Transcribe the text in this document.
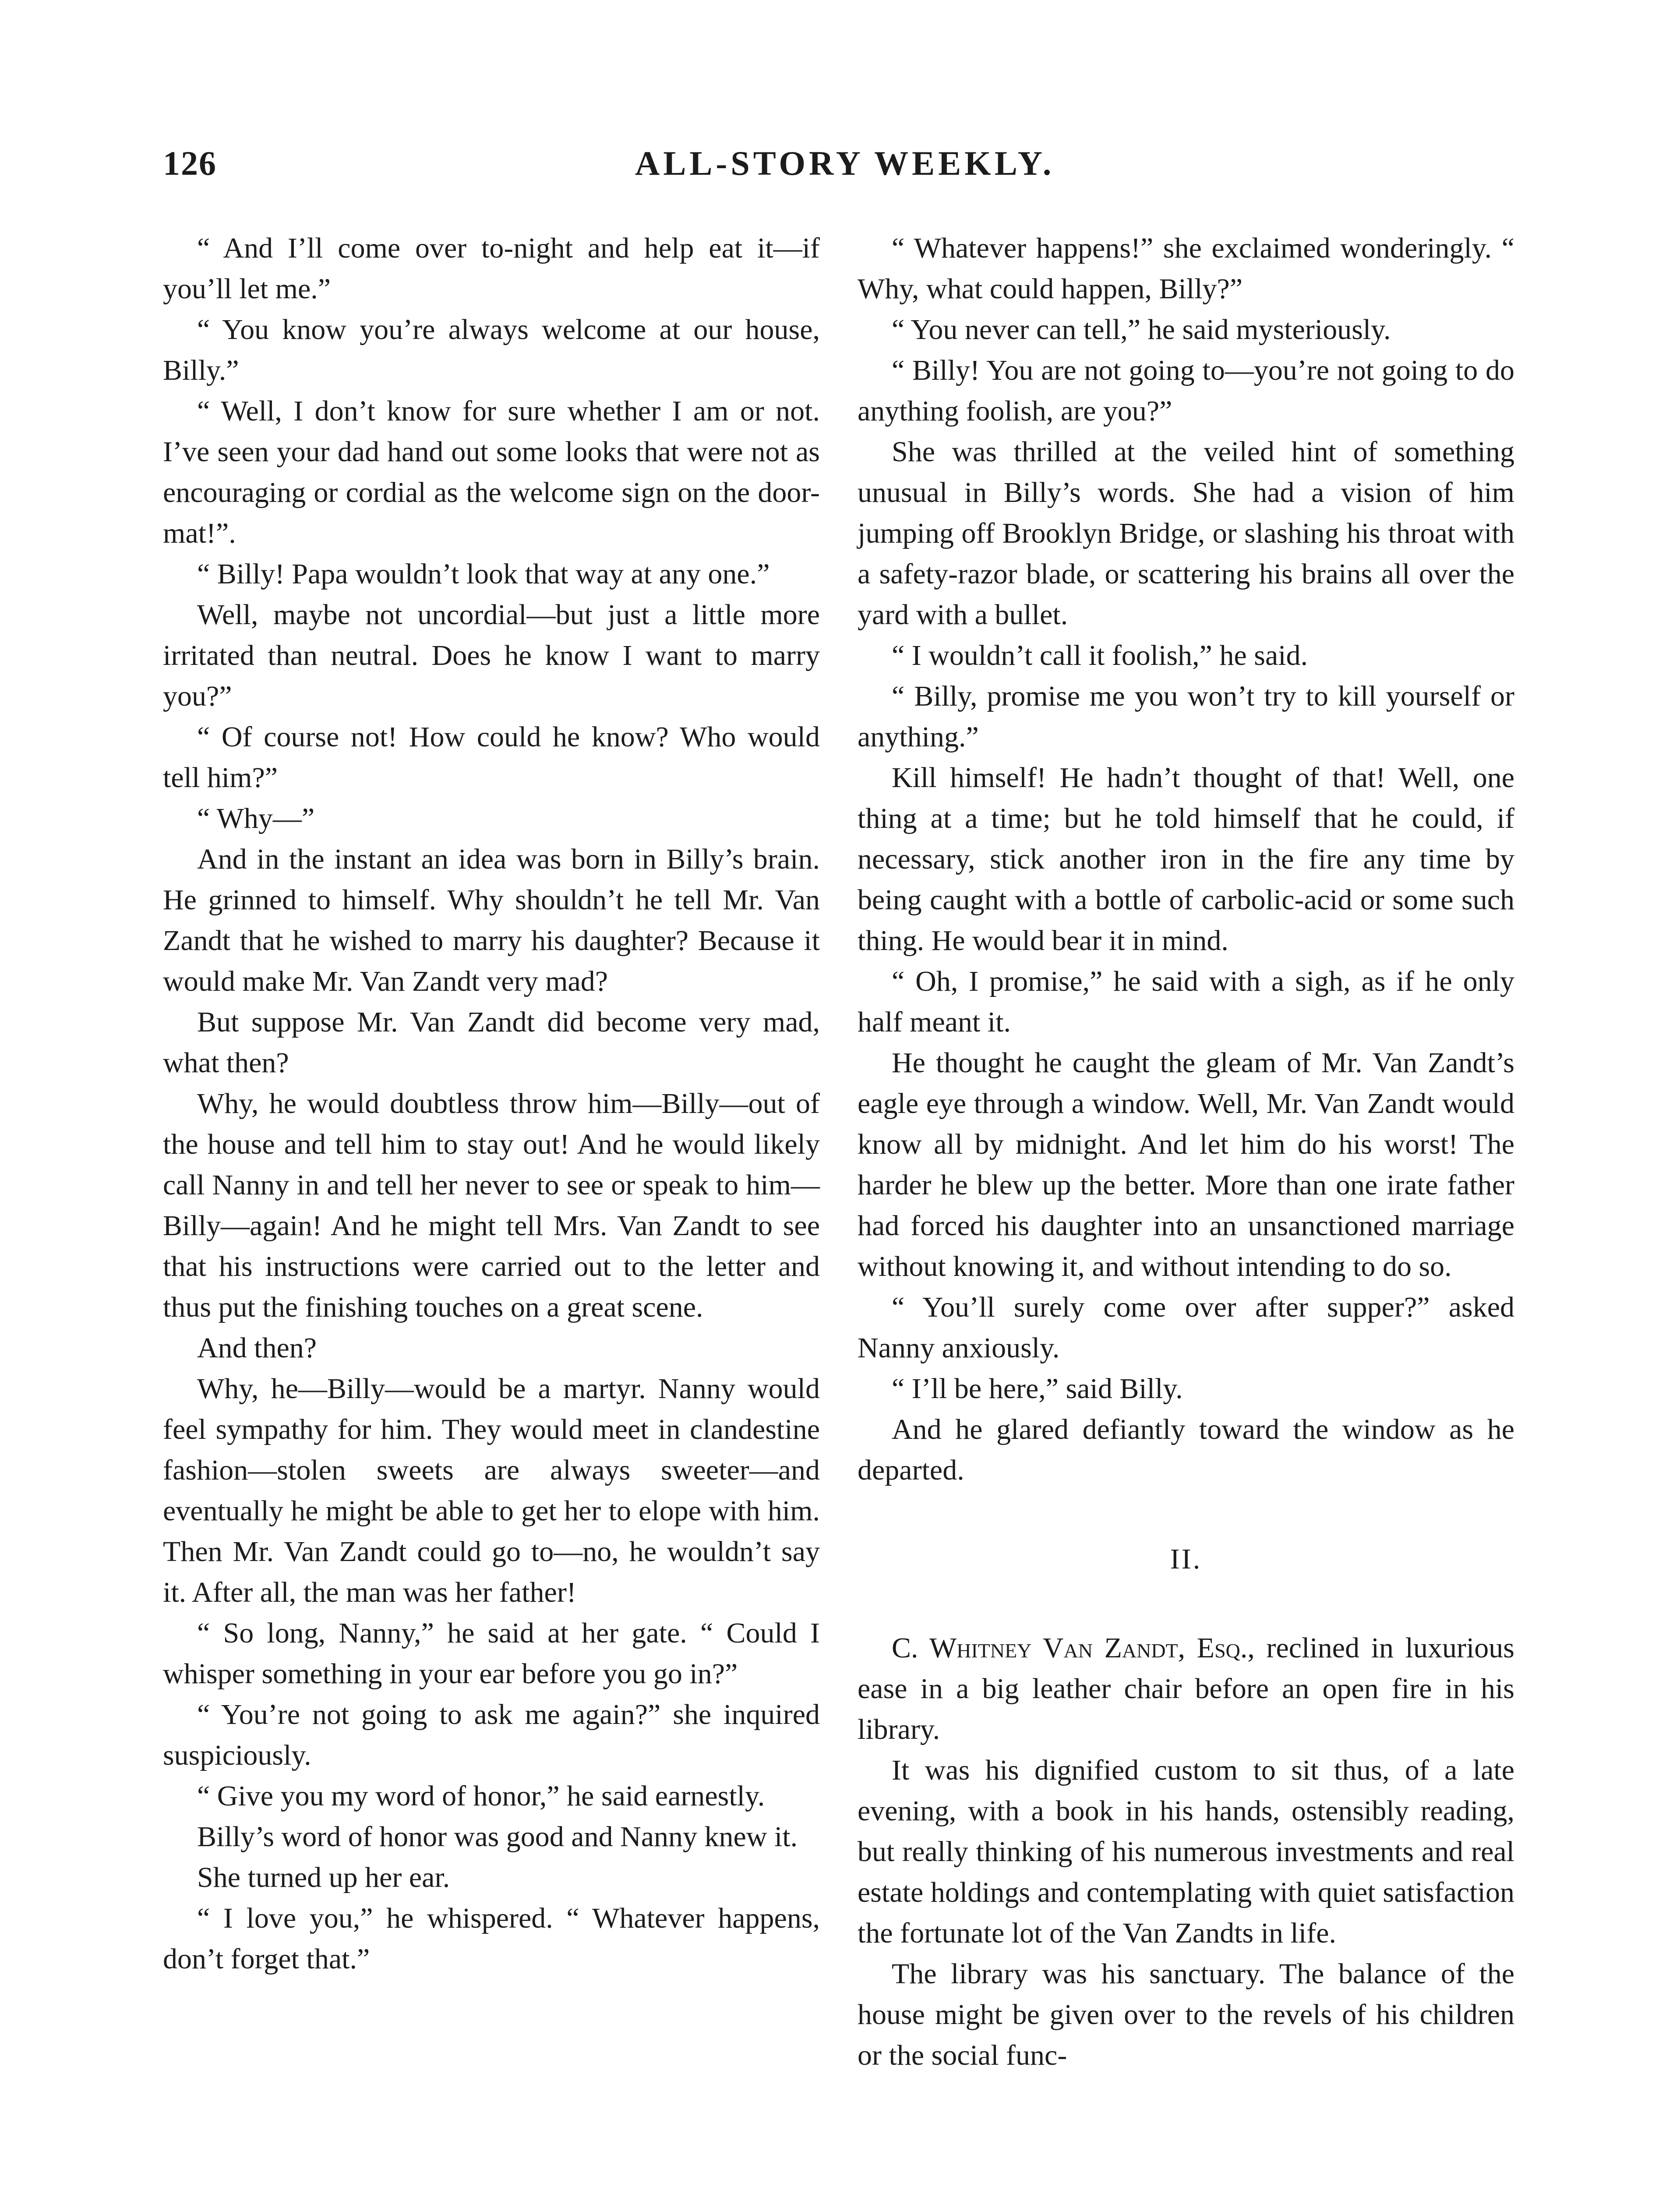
126	ALL-STORY WEEKLY.

“ And I’ll come over to-night and help eat it—if you’ll let me.”

“ You know you’re always welcome at our house, Billy.”

“ Well, I don’t know for sure whether I am or not. I’ve seen your dad hand out some looks that were not as encouraging or cordial as the welcome sign on the door-mat!”.

“ Billy! Papa wouldn’t look that way at any one.”

Well, maybe not uncordial—but just a little more irritated than neutral. Does he know I want to marry you?”

“ Of course not! How could he know? Who would tell him?”

“ Why—”

And in the instant an idea was born in Billy’s brain. He grinned to himself. Why shouldn’t he tell Mr. Van Zandt that he wished to marry his daughter? Because it would make Mr. Van Zandt very mad?

But suppose Mr. Van Zandt did become very mad, what then?

Why, he would doubtless throw him—Billy—out of the house and tell him to stay out! And he would likely call Nanny in and tell her never to see or speak to him—Billy—again! And he might tell Mrs. Van Zandt to see that his instructions were carried out to the letter and thus put the finishing touches on a great scene.

And then?

Why, he—Billy—would be a martyr. Nanny would feel sympathy for him. They would meet in clandestine fashion—stolen sweets are always sweeter—and eventually he might be able to get her to elope with him. Then Mr. Van Zandt could go to—no, he wouldn’t say it. After all, the man was her father!

“ So long, Nanny,” he said at her gate. “ Could I whisper something in your ear before you go in?”

“ You’re not going to ask me again?” she inquired suspiciously.

“ Give you my word of honor,” he said earnestly.

Billy’s word of honor was good and Nanny knew it.

She turned up her ear.

“ I love you,” he whispered. “ Whatever happens, don’t forget that.”

“ Whatever happens!” she exclaimed wonderingly. “ Why, what could happen, Billy?”

“ You never can tell,” he said mysteriously.

“ Billy! You are not going to—you’re not going to do anything foolish, are you?”

She was thrilled at the veiled hint of something unusual in Billy’s words. She had a vision of him jumping off Brooklyn Bridge, or slashing his throat with a safety-razor blade, or scattering his brains all over the yard with a bullet.

“ I wouldn’t call it foolish,” he said.

“ Billy, promise me you won’t try to kill yourself or anything.”

Kill himself! He hadn’t thought of that! Well, one thing at a time; but he told himself that he could, if necessary, stick another iron in the fire any time by being caught with a bottle of carbolic-acid or some such thing. He would bear it in mind.

“ Oh, I promise,” he said with a sigh, as if he only half meant it.

He thought he caught the gleam of Mr. Van Zandt’s eagle eye through a window. Well, Mr. Van Zandt would know all by midnight. And let him do his worst! The harder he blew up the better. More than one irate father had forced his daughter into an unsanctioned marriage without knowing it, and without intending to do so.

“ You’ll surely come over after supper?” asked Nanny anxiously.

“ I’ll be here,” said Billy.

And he glared defiantly toward the window as he departed.

II.

C. Whitney Van Zandt, Esq., reclined in luxurious ease in a big leather chair before an open fire in his library.

It was his dignified custom to sit thus, of a late evening, with a book in his hands, ostensibly reading, but really thinking of his numerous investments and real estate holdings and contemplating with quiet satisfaction the fortunate lot of the Van Zandts in life.

The library was his sanctuary. The balance of the house might be given over to the revels of his children or the social func-
